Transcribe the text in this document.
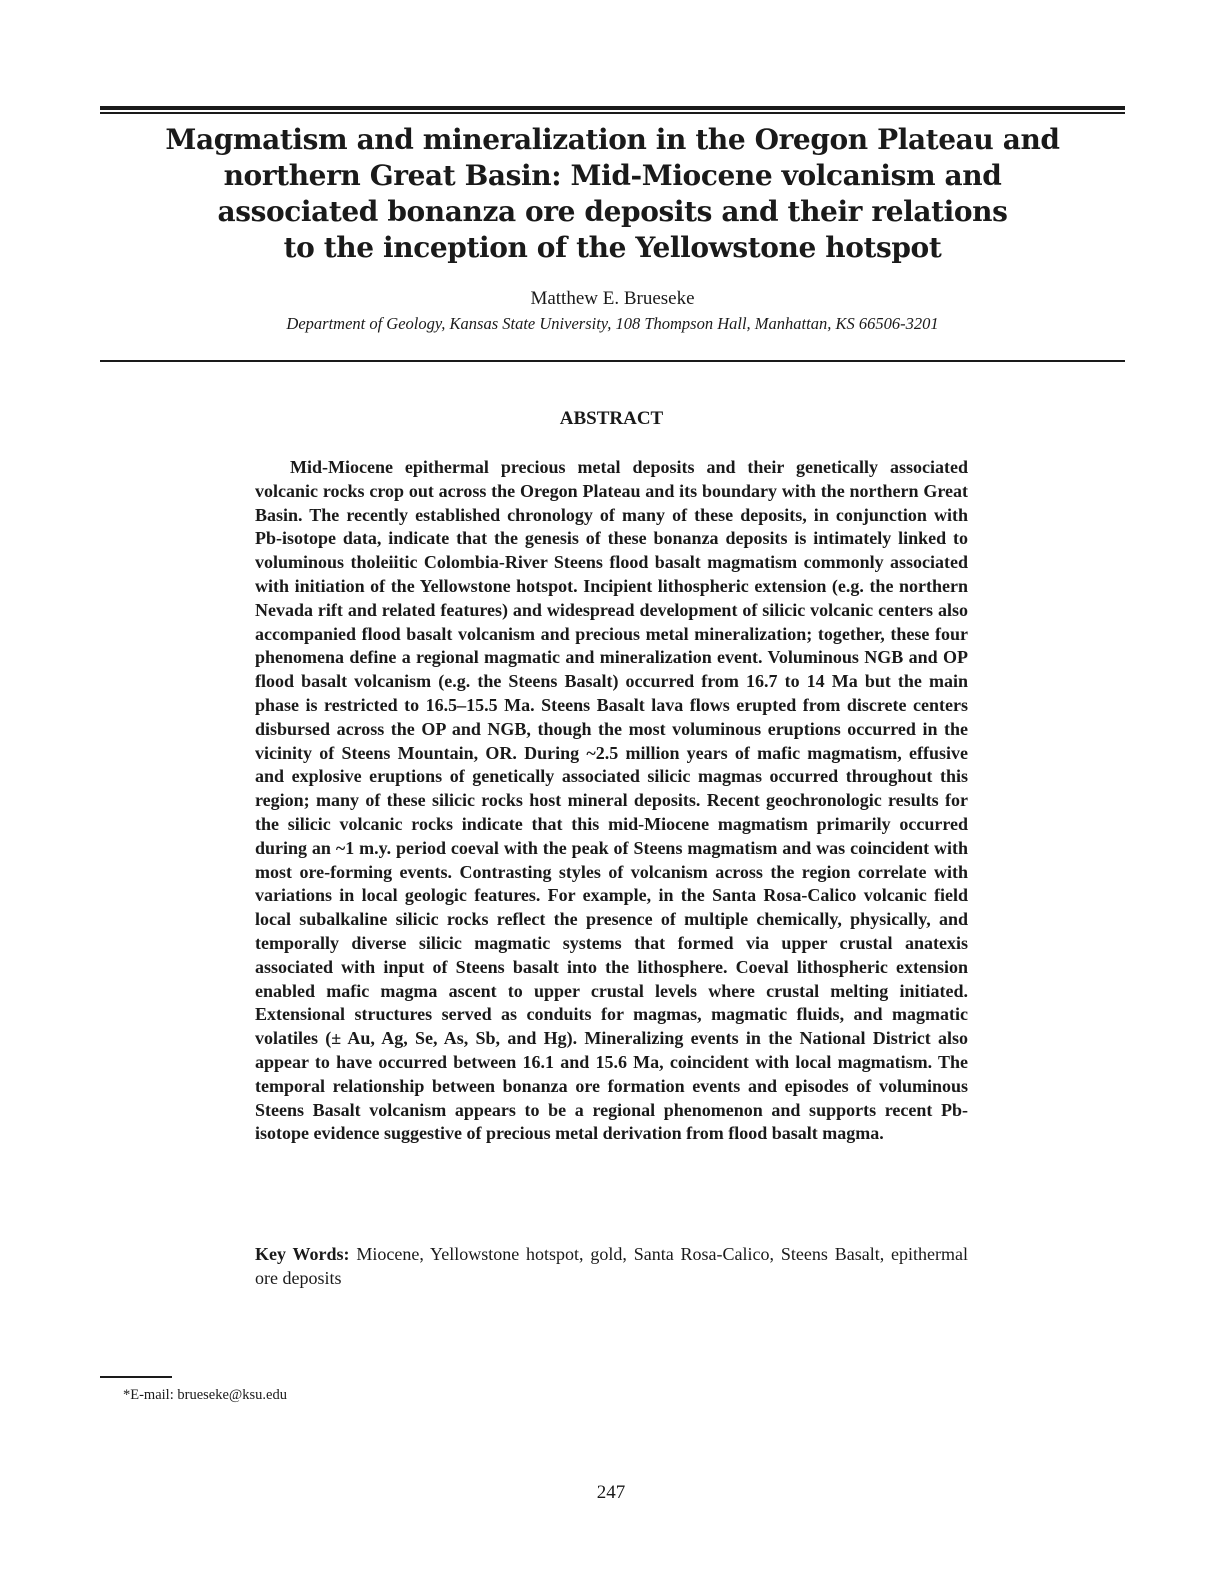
Magmatism and mineralization in the Oregon Plateau and
northern Great Basin: Mid-Miocene volcanism and
associated bonanza ore deposits and their relations
to the inception of the Yellowstone hotspot
Matthew E. Brueseke
Department of Geology, Kansas State University, 108 Thompson Hall, Manhattan, KS 66506-3201
ABSTRACT

Mid-Miocene epithermal precious metal deposits and their genetically associated volcanic rocks crop out across the Oregon Plateau and its boundary with the northern Great Basin. The recently established chronology of many of these deposits, in conjunction with Pb-isotope data, indicate that the genesis of these bonanza deposits is intimately linked to voluminous tholeiitic Colombia-River Steens flood basalt magmatism commonly associated with initiation of the Yellowstone hotspot. Incipient lithospheric extension (e.g. the northern Nevada rift and related features) and widespread development of silicic volcanic centers also accompanied flood basalt volcanism and precious metal mineralization; together, these four phenomena define a regional magmatic and mineralization event. Voluminous NGB and OP flood basalt volcanism (e.g. the Steens Basalt) occurred from 16.7 to 14 Ma but the main phase is restricted to 16.5–15.5 Ma. Steens Basalt lava flows erupted from discrete centers disbursed across the OP and NGB, though the most voluminous eruptions occurred in the vicinity of Steens Mountain, OR. During ~2.5 million years of mafic magmatism, effusive and explosive eruptions of genetically associated silicic magmas occurred throughout this region; many of these silicic rocks host mineral deposits. Recent geochronologic results for the silicic volcanic rocks indicate that this mid-Miocene magmatism primarily occurred during an ~1 m.y. period coeval with the peak of Steens magmatism and was coincident with most ore-forming events. Contrasting styles of volcanism across the region correlate with variations in local geologic features. For example, in the Santa Rosa-Calico volcanic field local subalkaline silicic rocks reflect the presence of multiple chemically, physically, and temporally diverse silicic magmatic systems that formed via upper crustal anatexis associated with input of Steens basalt into the lithosphere. Coeval lithospheric extension enabled mafic magma ascent to upper crustal levels where crustal melting initiated. Extensional structures served as conduits for magmas, magmatic fluids, and magmatic volatiles (± Au, Ag, Se, As, Sb, and Hg). Mineralizing events in the National District also appear to have occurred between 16.1 and 15.6 Ma, coincident with local magmatism. The temporal relationship between bonanza ore formation events and episodes of voluminous Steens Basalt volcanism appears to be a regional phenomenon and supports recent Pb-isotope evidence suggestive of precious metal derivation from flood basalt magma.

Key Words: Miocene, Yellowstone hotspot, gold, Santa Rosa-Calico, Steens Basalt, epithermal ore deposits

*E-mail: brueseke@ksu.edu
247
